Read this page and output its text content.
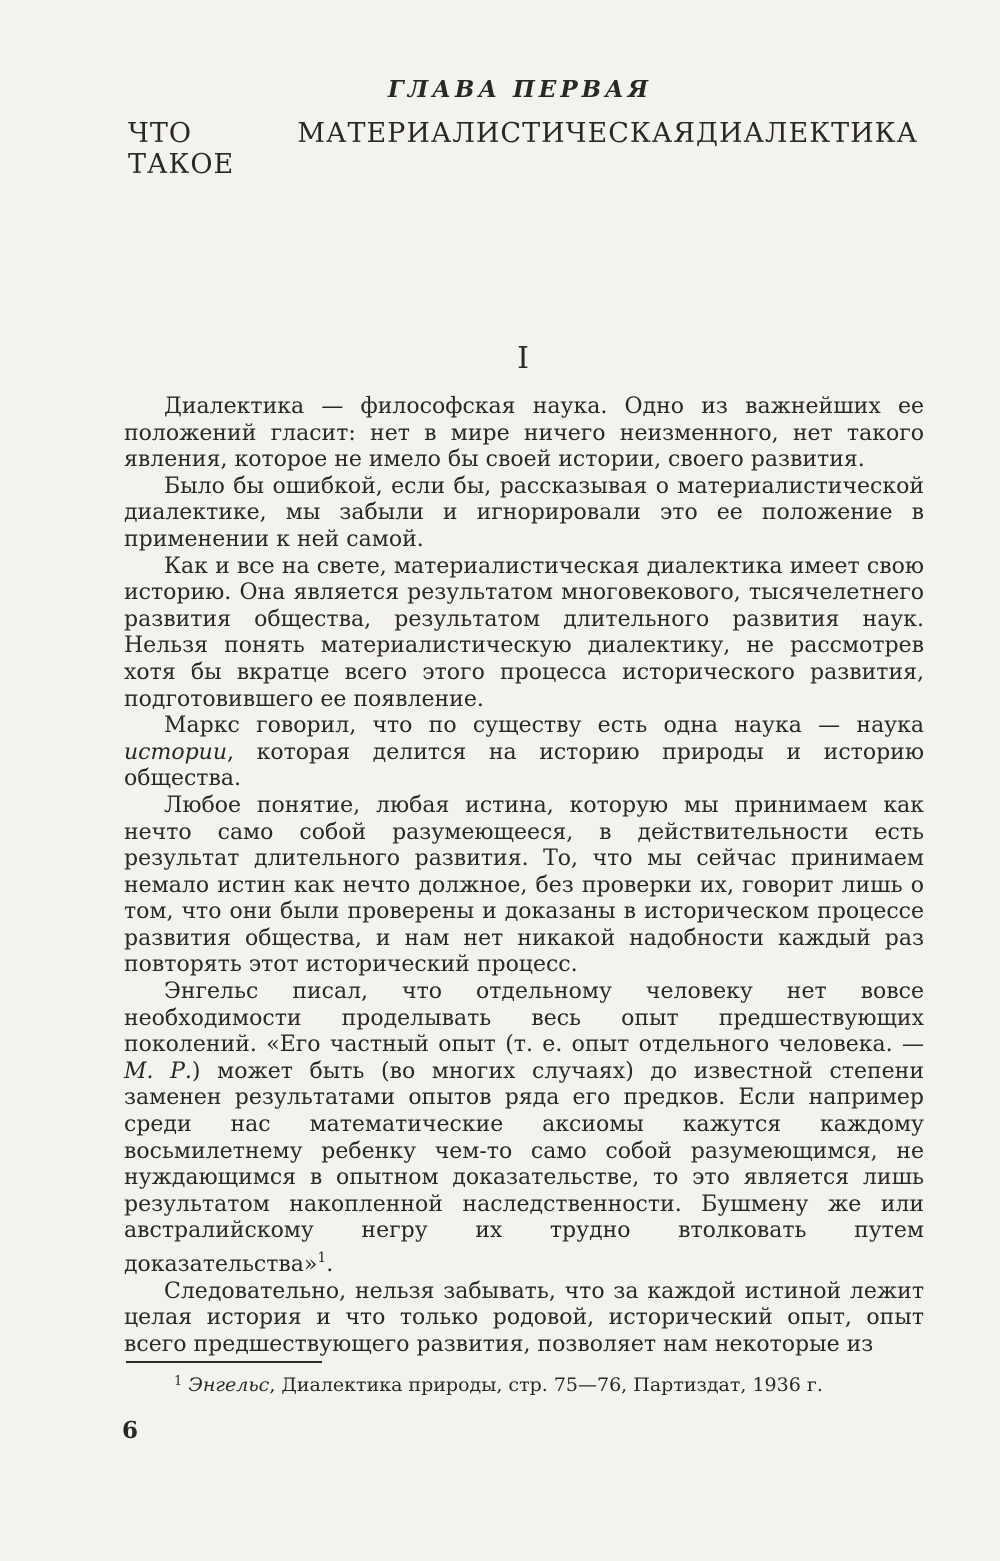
ГЛАВА ПЕРВАЯ
ЧТО ТАКОЕ
МАТЕРИАЛИСТИЧЕСКАЯ ДИАЛЕКТИКА
I

Диалектика — философская наука. Одно из важнейших ее положений гласит: нет в мире ничего неизменного, нет такого явления, которое не имело бы своей истории, своего развития.

Было бы ошибкой, если бы, рассказывая о материалистической диалектике, мы забыли и игнорировали это ее положение в применении к ней самой.

Как и все на свете, материалистическая диалектика имеет свою историю. Она является результатом многовекового, тысячелетнего развития общества, результатом длительного развития наук. Нельзя понять материалистическую диалектику, не рассмотрев хотя бы вкратце всего этого процесса исторического развития, подготовившего ее появление.

Маркс говорил, что по существу есть одна наука — наука истории, которая делится на историю природы и историю общества.

Любое понятие, любая истина, которую мы принимаем как нечто само собой разумеющееся, в действительности есть результат длительного развития. То, что мы сейчас принимаем немало истин как нечто должное, без проверки их, говорит лишь о том, что они были проверены и доказаны в историческом процессе развития общества, и нам нет никакой надобности каждый раз повторять этот исторический процесс.

Энгельс писал, что отдельному человеку нет вовсе необходимости проделывать весь опыт предшествующих поколений. «Его частный опыт (т. е. опыт отдельного человека. — М. Р.) может быть (во многих случаях) до известной степени заменен результатами опытов ряда его предков. Если например среди нас математические аксиомы кажутся каждому восьмилетнему ребенку чем-то само собой разумеющимся, не нуждающимся в опытном доказательстве, то это является лишь результатом накопленной наследственности. Бушмену же или австралийскому негру их трудно втолковать путем доказательства»$^1$.

Следовательно, нельзя забывать, что за каждой истиной лежит целая история и что только родовой, исторический опыт, опыт всего предшествующего развития, позволяет нам некоторые из

$^1$ Энгельс, Диалектика природы, стр. 75—76, Партиздат, 1936 г.
6
